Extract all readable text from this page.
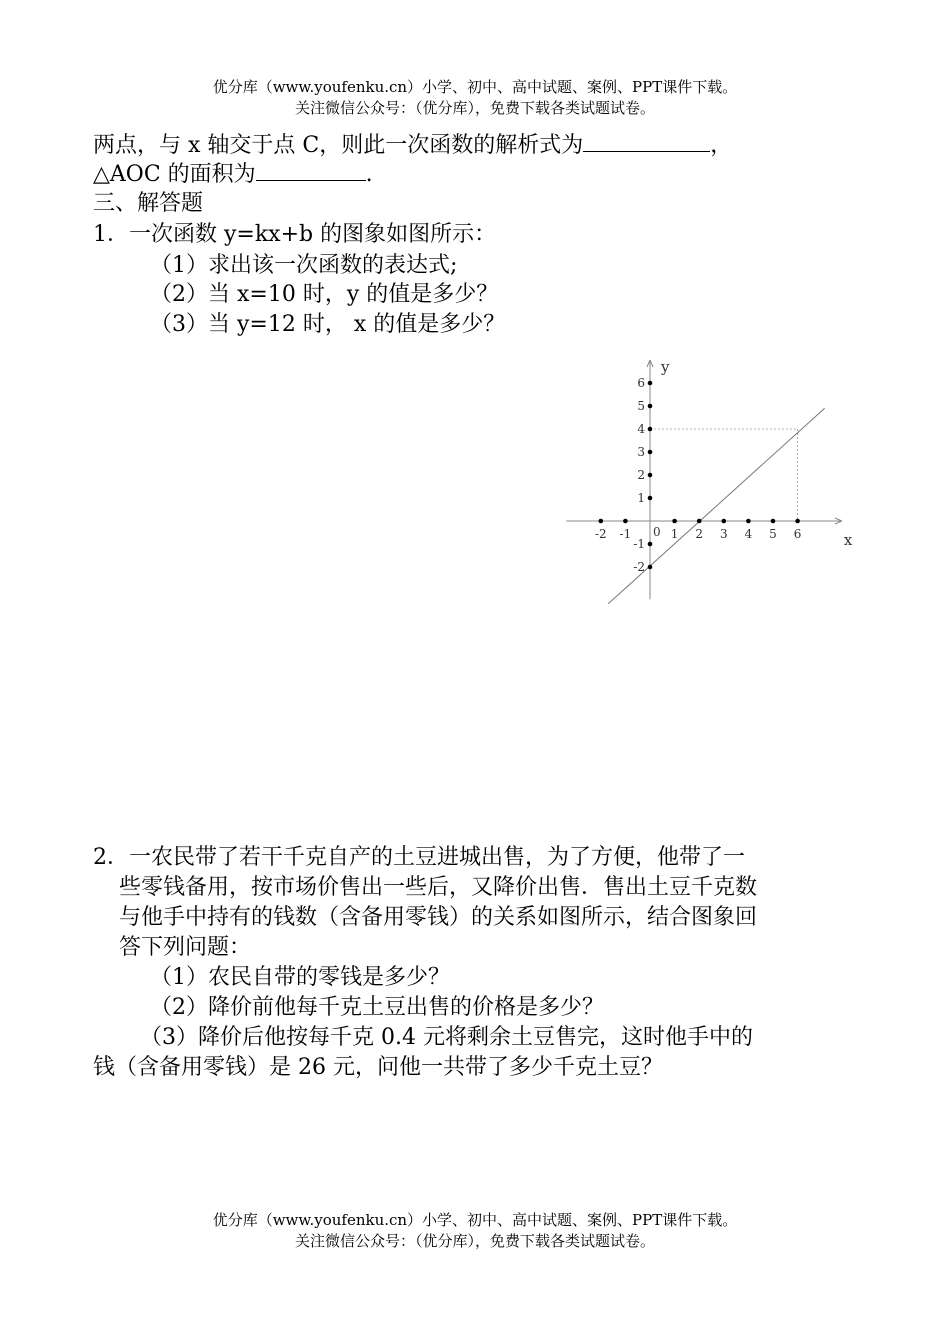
优分库（www.youfenku.cn）小学、初中、高中试题、案例、PPT课件下载。
关注微信公众号：（优分库），免费下载各类试题试卷。
两点，与 x 轴交于点 C，则此一次函数的解析式为	，
△AOC 的面积为	.
三、解答题
1．一次函数 y=kx+b 的图象如图所示：
（1）求出该一次函数的表达式;
（2）当 x=10 时，y 的值是多少？
（3）当 y=12 时， x 的值是多少？
-2 -1	1 2 3 4 5 6
6
5
4
3
2
1
-1
-2
0	x
y
2．一农民带了若干千克自产的土豆进城出售，为了方便，他带了一
些零钱备用，按市场价售出一些后，又降价出售．售出土豆千克数
与他手中持有的钱数（含备用零钱）的关系如图所示，结合图象回
答下列问题：
（1）农民自带的零钱是多少？
（2）降价前他每千克土豆出售的价格是多少？
（3）降价后他按每千克 0.4 元将剩余土豆售完，这时他手中的
钱（含备用零钱）是 26 元，问他一共带了多少千克土豆？
优分库（www.youfenku.cn）小学、初中、高中试题、案例、PPT课件下载。
关注微信公众号：（优分库），免费下载各类试题试卷。
